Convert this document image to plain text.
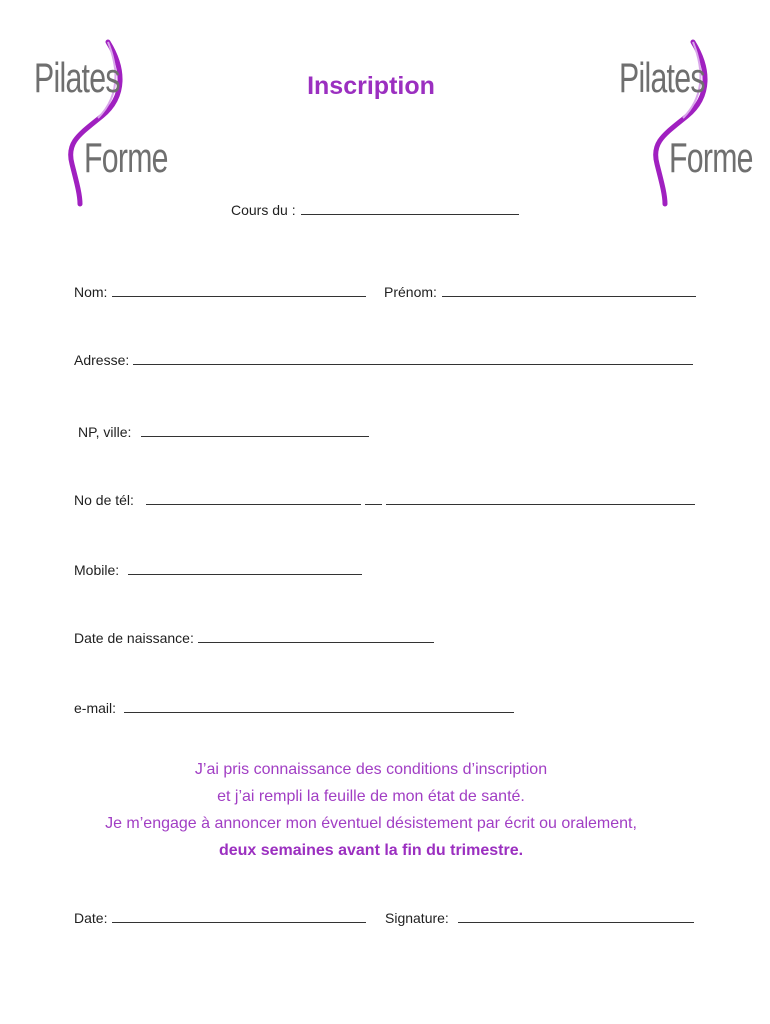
Pilates
Forme
Pilates
Forme
Inscription
Cours du :
Nom:	Prénom:
Adresse:
NP, ville:
No de tél:
Mobile:
Date de naissance:
e-mail:
J’ai pris connaissance des conditions d’inscription
et j’ai rempli la feuille de mon état de santé.
Je m’engage à annoncer mon éventuel désistement par écrit ou oralement,
deux semaines avant la fin du trimestre.
Date:	Signature:
